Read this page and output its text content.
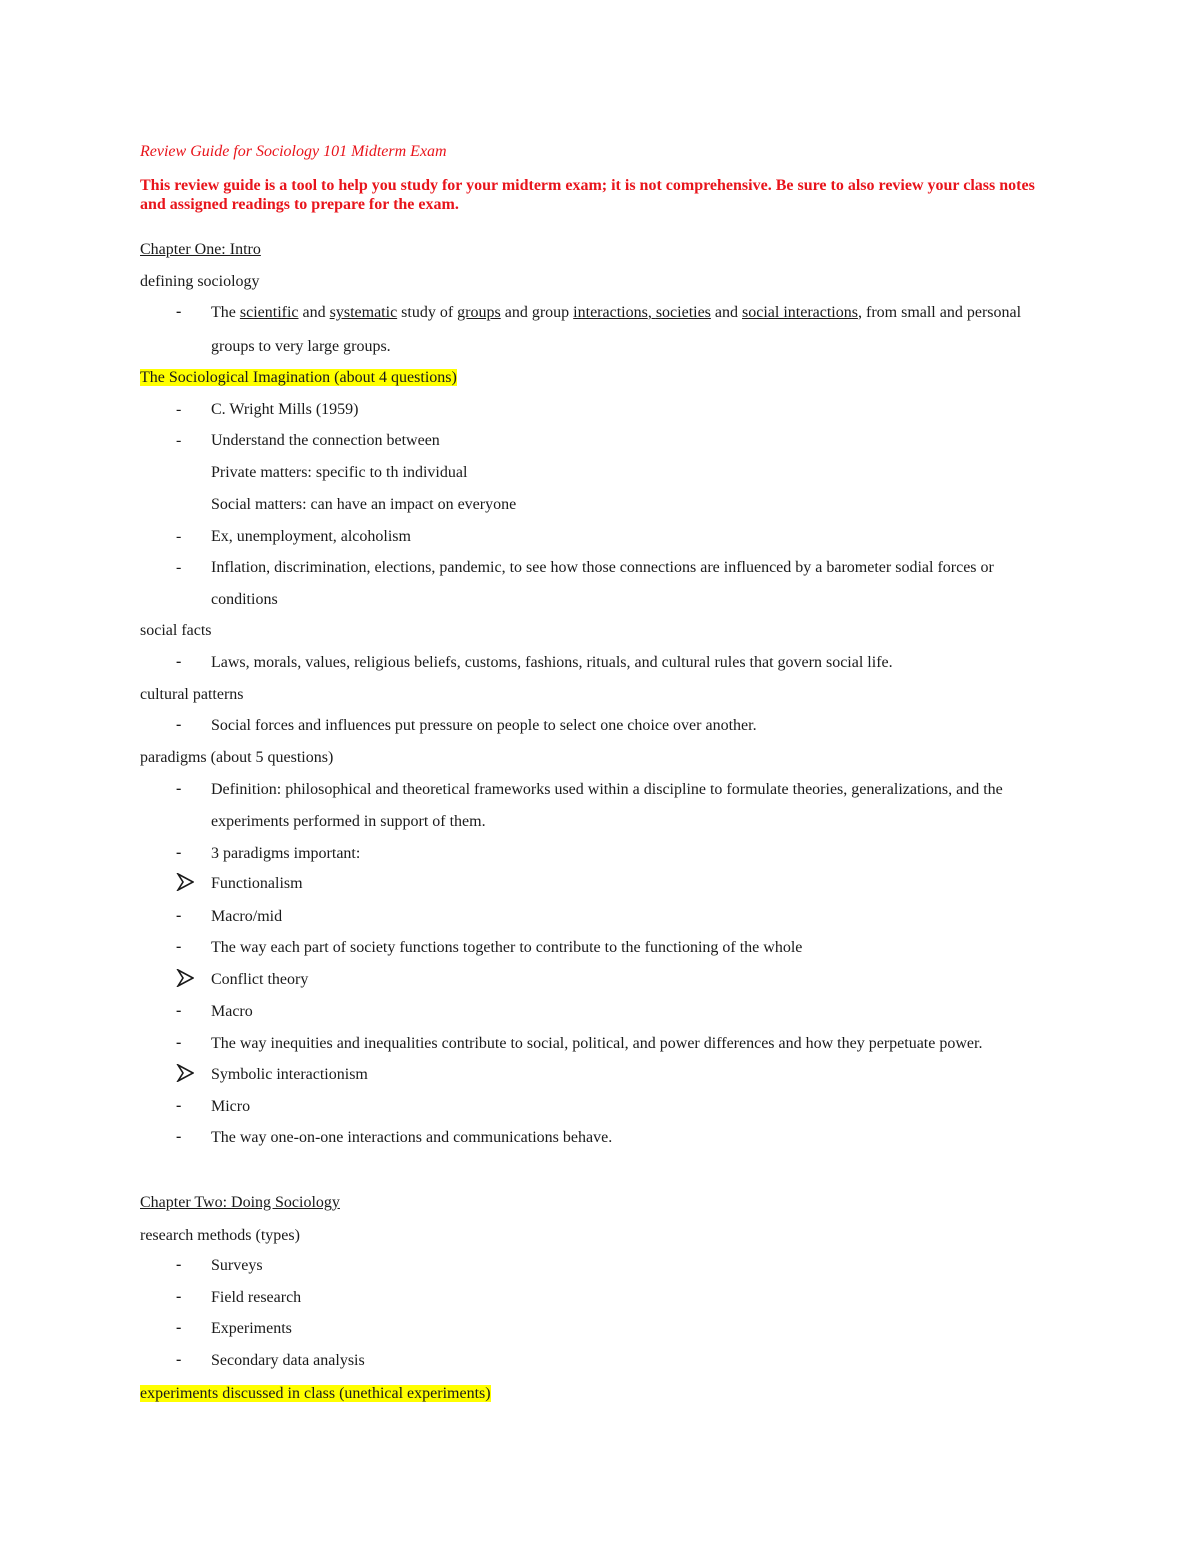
Review Guide for Sociology 101 Midterm Exam
This review guide is a tool to help you study for your midterm exam; it is not comprehensive. Be sure to also review your class notes and assigned readings to prepare for the exam.
Chapter One: Intro
defining sociology
- The scientific and systematic study of groups and group interactions, societies and social interactions, from small and personal
groups to very large groups.
The Sociological Imagination (about 4 questions)
- C. Wright Mills (1959)
- Understand the connection between
Private matters: specific to th individual
Social matters: can have an impact on everyone
- Ex, unemployment, alcoholism
- Inflation, discrimination, elections, pandemic, to see how those connections are influenced by a barometer sodial forces or
conditions
social facts
- Laws, morals, values, religious beliefs, customs, fashions, rituals, and cultural rules that govern social life.
cultural patterns
- Social forces and influences put pressure on people to select one choice over another.
paradigms (about 5 questions)
- Definition: philosophical and theoretical frameworks used within a discipline to formulate theories, generalizations, and the
experiments performed in support of them.
- 3 paradigms important:
Functionalism
- Macro/mid
- The way each part of society functions together to contribute to the functioning of the whole
Conflict theory
- Macro
- The way inequities and inequalities contribute to social, political, and power differences and how they perpetuate power.
Symbolic interactionism
- Micro
- The way one-on-one interactions and communications behave.
Chapter Two: Doing Sociology
research methods (types)
- Surveys
- Field research
- Experiments
- Secondary data analysis
experiments discussed in class (unethical experiments)
